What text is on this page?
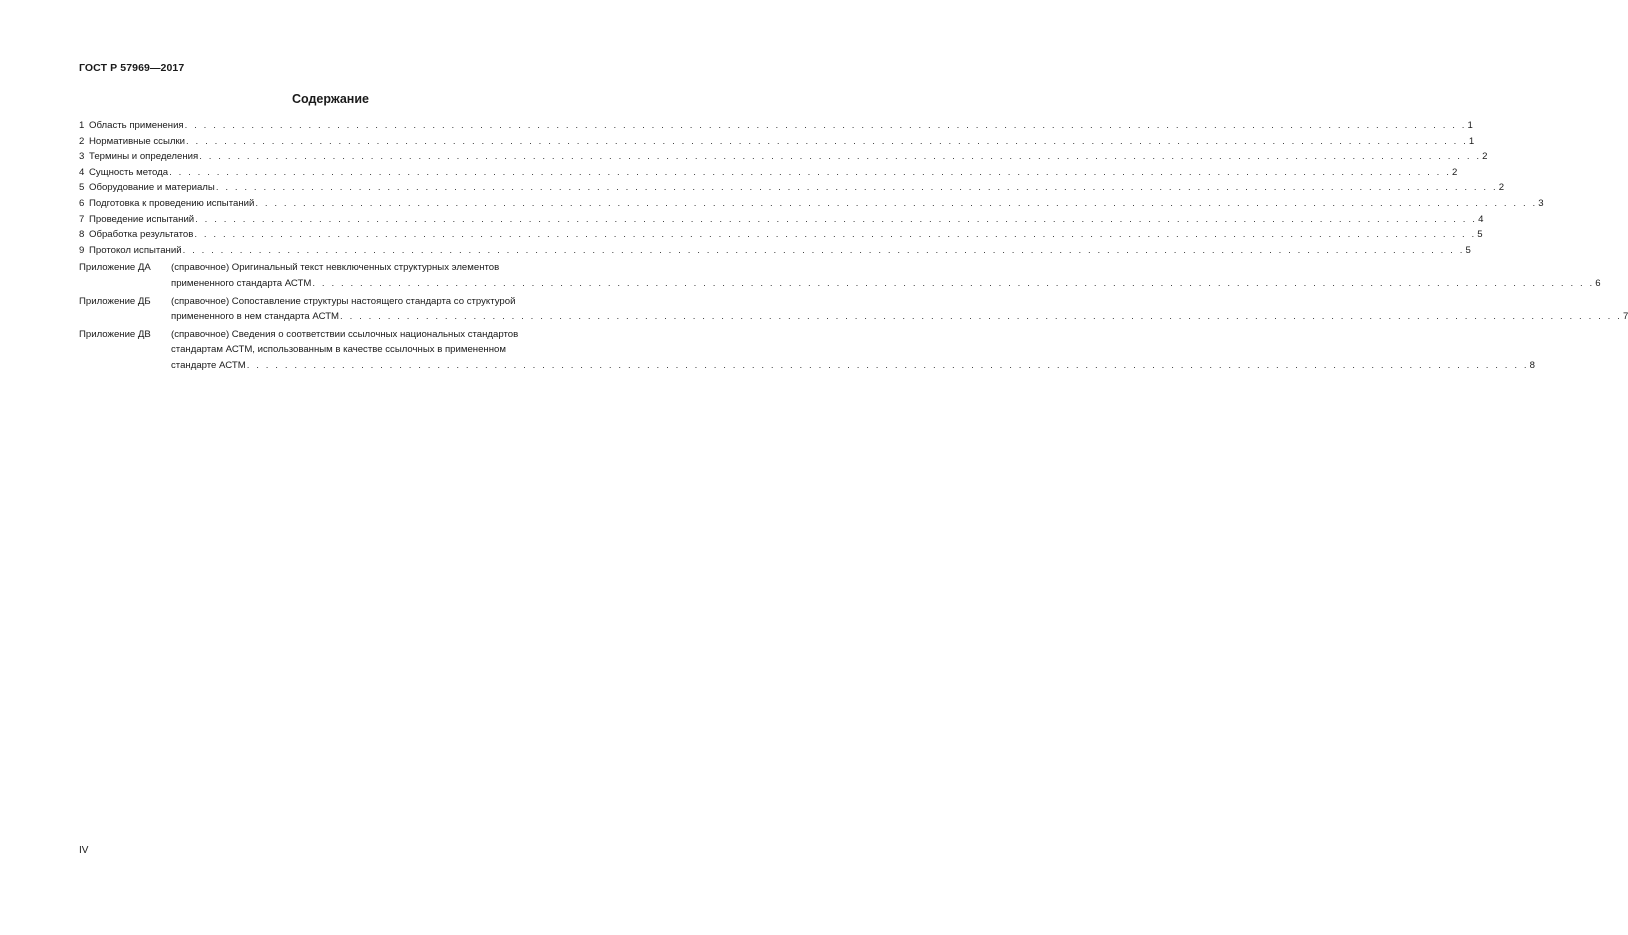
ГОСТ Р 57969—2017
Содержание
1 Область применения . . .	1
2 Нормативные ссылки . . .	1
3 Термины и определения . . .	2
4 Сущность метода . . .	2
5 Оборудование и материалы . . .	2
6 Подготовка к проведению испытаний . . .	3
7 Проведение испытаний . . .	4
8 Обработка результатов . . .	5
9 Протокол испытаний . . .	5
Приложение ДА	(справочное) Оригинальный текст невключенных структурных элементов
примененного стандарта АСТМ . . .	6
Приложение ДБ	(справочное) Сопоставление структуры настоящего стандарта со структурой
примененного в нем стандарта АСТМ . . .	7
Приложение ДВ	(справочное) Сведения о соответствии ссылочных национальных стандартов
стандартам АСТМ, использованным в качестве ссылочных в примененном
стандарте АСТМ . . .	8
IV
